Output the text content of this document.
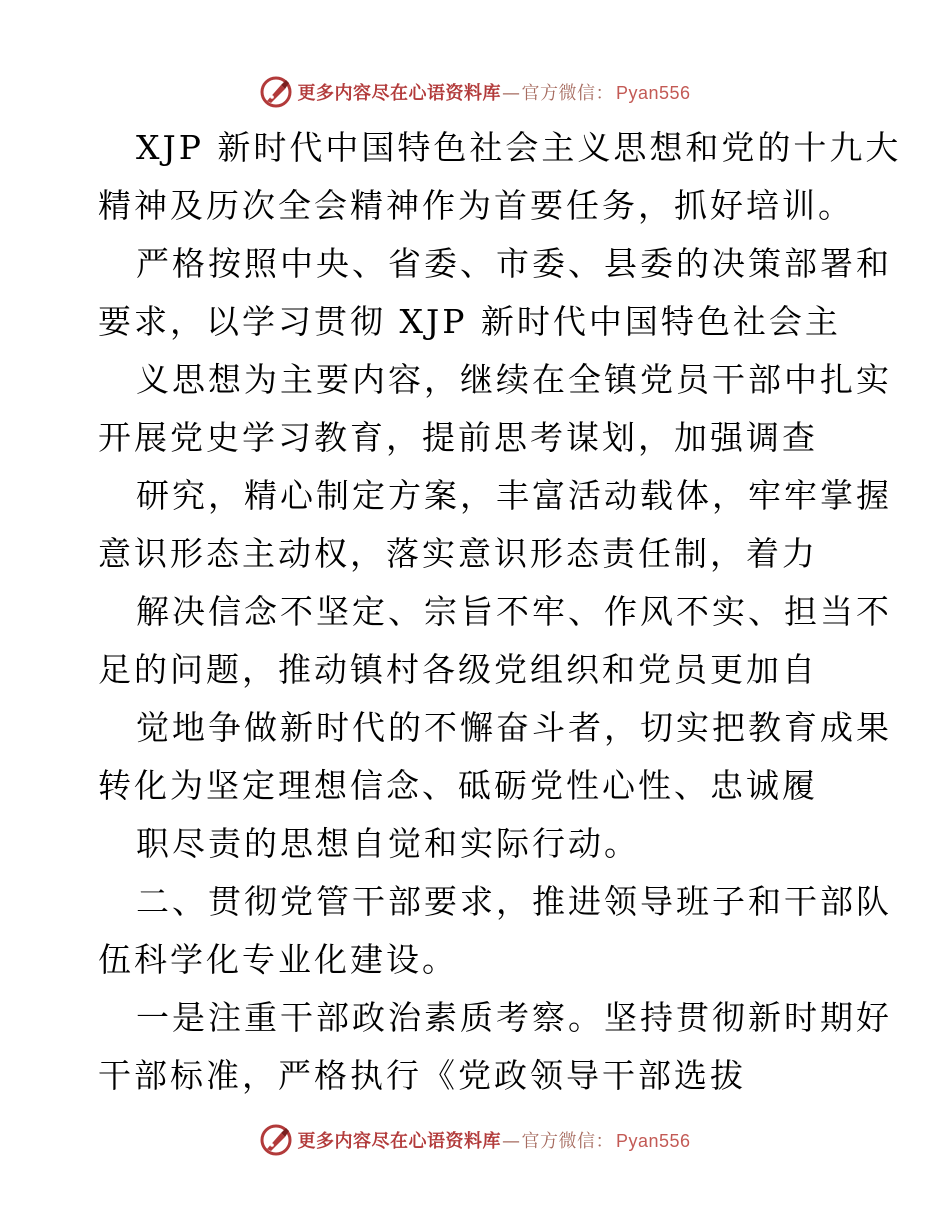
更多内容尽在心语资料库 — 官方微信： Pyan556
XJP 新时代中国特色社会主义思想和党的十九大
精神及历次全会精神作为首要任务，抓好培训。
严格按照中央、省委、市委、县委的决策部署和
要求，以学习贯彻 XJP 新时代中国特色社会主
义思想为主要内容，继续在全镇党员干部中扎实
开展党史学习教育，提前思考谋划，加强调查
研究，精心制定方案，丰富活动载体，牢牢掌握
意识形态主动权，落实意识形态责任制，着力
解决信念不坚定、宗旨不牢、作风不实、担当不
足的问题，推动镇村各级党组织和党员更加自
觉地争做新时代的不懈奋斗者，切实把教育成果
转化为坚定理想信念、砥砺党性心性、忠诚履
职尽责的思想自觉和实际行动。
二、贯彻党管干部要求，推进领导班子和干部队
伍科学化专业化建设。
一是注重干部政治素质考察。坚持贯彻新时期好
干部标准，严格执行《党政领导干部选拔
更多内容尽在心语资料库 — 官方微信： Pyan556
